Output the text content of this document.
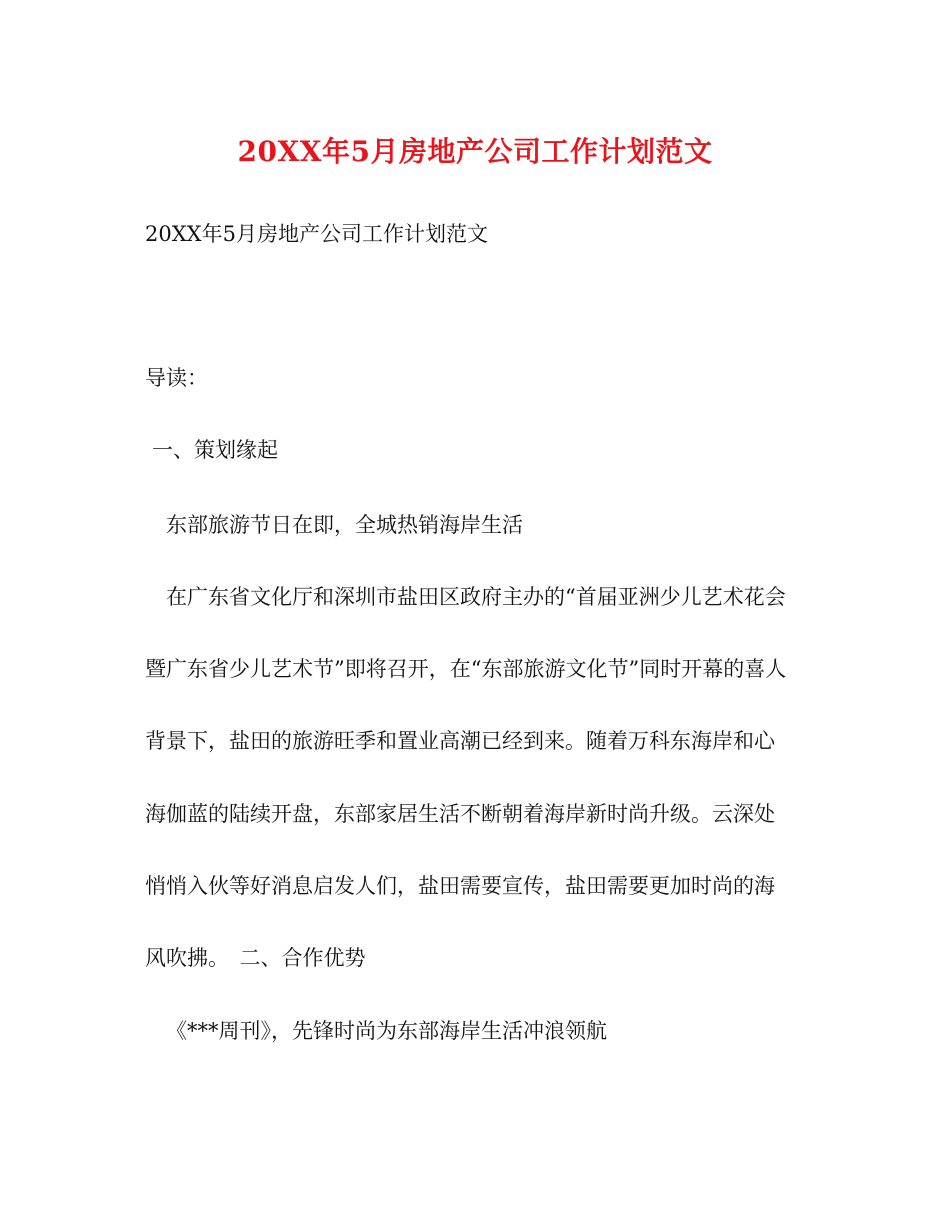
20XX年5月房地产公司工作计划范文
20XX年5月房地产公司工作计划范文
导读：
一、策划缘起
东部旅游节日在即，全城热销海岸生活
在广东省文化厅和深圳市盐田区政府主办的“首届亚洲少儿艺术花会
暨广东省少儿艺术节”即将召开，在“东部旅游文化节”同时开幕的喜人
背景下，盐田的旅游旺季和置业高潮已经到来。随着万科东海岸和心
海伽蓝的陆续开盘，东部家居生活不断朝着海岸新时尚升级。云深处
悄悄入伙等好消息启发人们，盐田需要宣传，盐田需要更加时尚的海
风吹拂。　二、合作优势
《***周刊》，先锋时尚为东部海岸生活冲浪领航
